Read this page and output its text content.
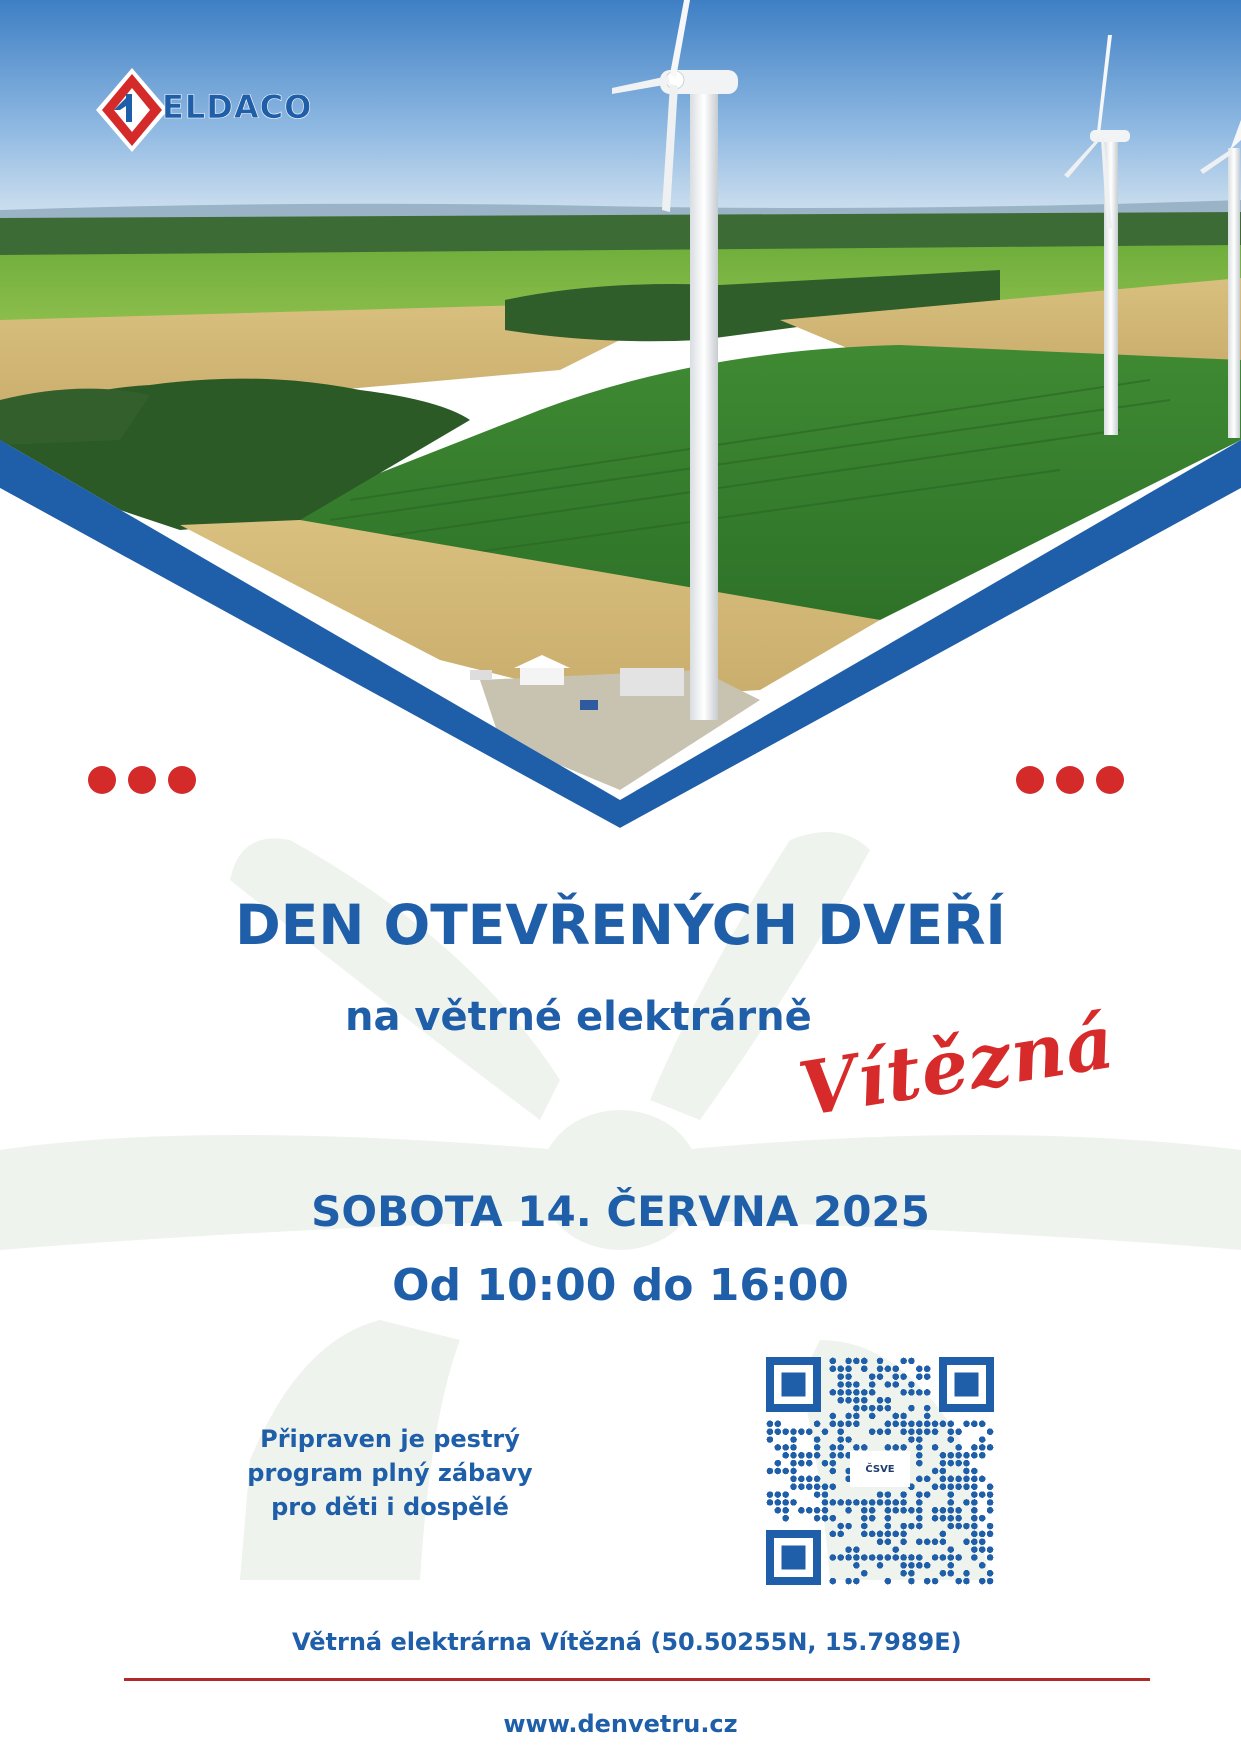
ELDACO
DEN OTEVŘENÝCH DVEŘÍ
na větrné elektrárně
Vítězná
SOBOTA 14. ČERVNA 2025
Od 10:00 do 16:00
Připraven je pestrý
program plný zábavy
pro děti i dospělé
ČSVE
Větrná elektrárna Vítězná (50.50255N, 15.7989E)
www.denvetru.cz
